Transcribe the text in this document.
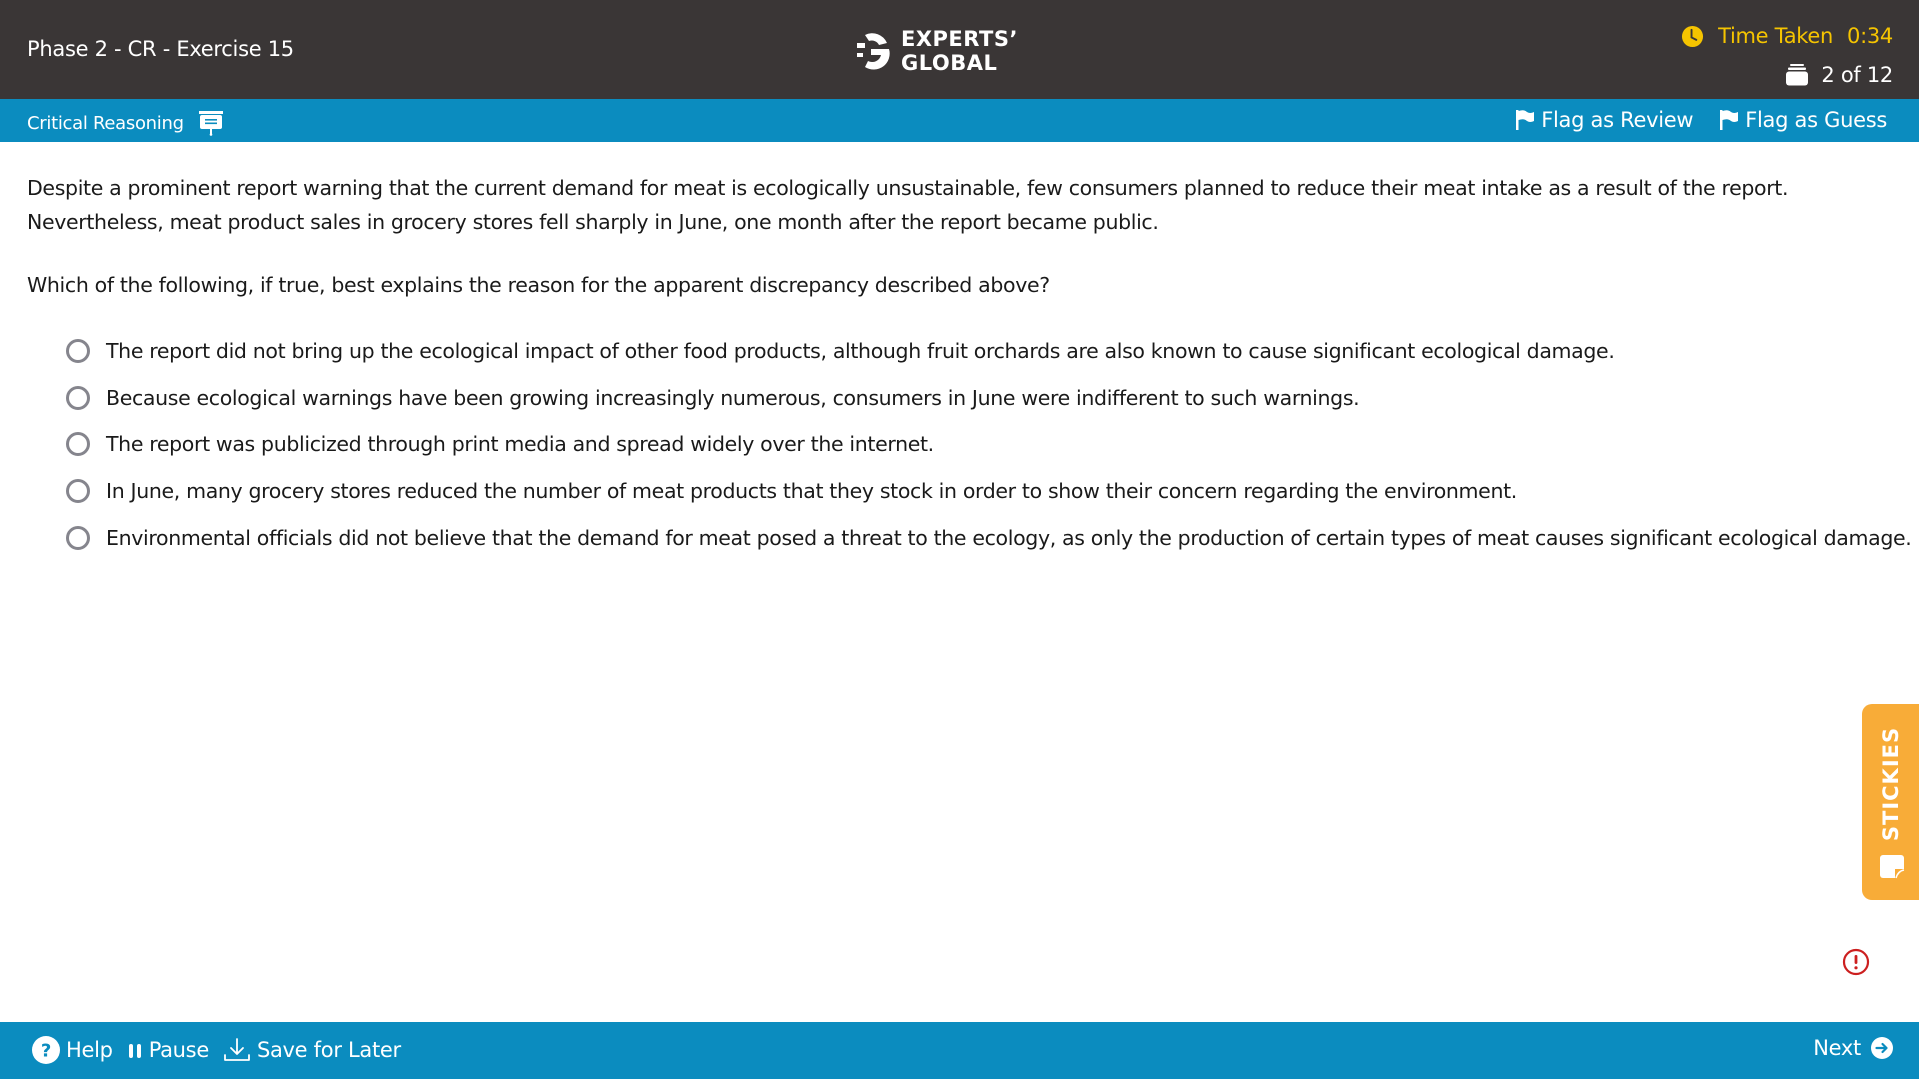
Phase 2 - CR - Exercise 15	EXPERTS’
GLOBAL
Time Taken 0:34
2 of 12
Critical Reasoning	Flag as Review Flag as Guess
Despite a prominent report warning that the current demand for meat is ecologically unsustainable, few consumers planned to reduce their meat intake as a result of the report.
Nevertheless, meat product sales in grocery stores fell sharply in June, one month after the report became public.
Which of the following, if true, best explains the reason for the apparent discrepancy described above?
The report did not bring up the ecological impact of other food products, although fruit orchards are also known to cause significant ecological damage.
Because ecological warnings have been growing increasingly numerous, consumers in June were indifferent to such warnings.
The report was publicized through print media and spread widely over the internet.
In June, many grocery stores reduced the number of meat products that they stock in order to show their concern regarding the environment.
Environmental officials did not believe that the demand for meat posed a threat to the ecology, as only the production of certain types of meat causes significant ecological damage.
STICKIES
? Help Pause Save for Later	Next
